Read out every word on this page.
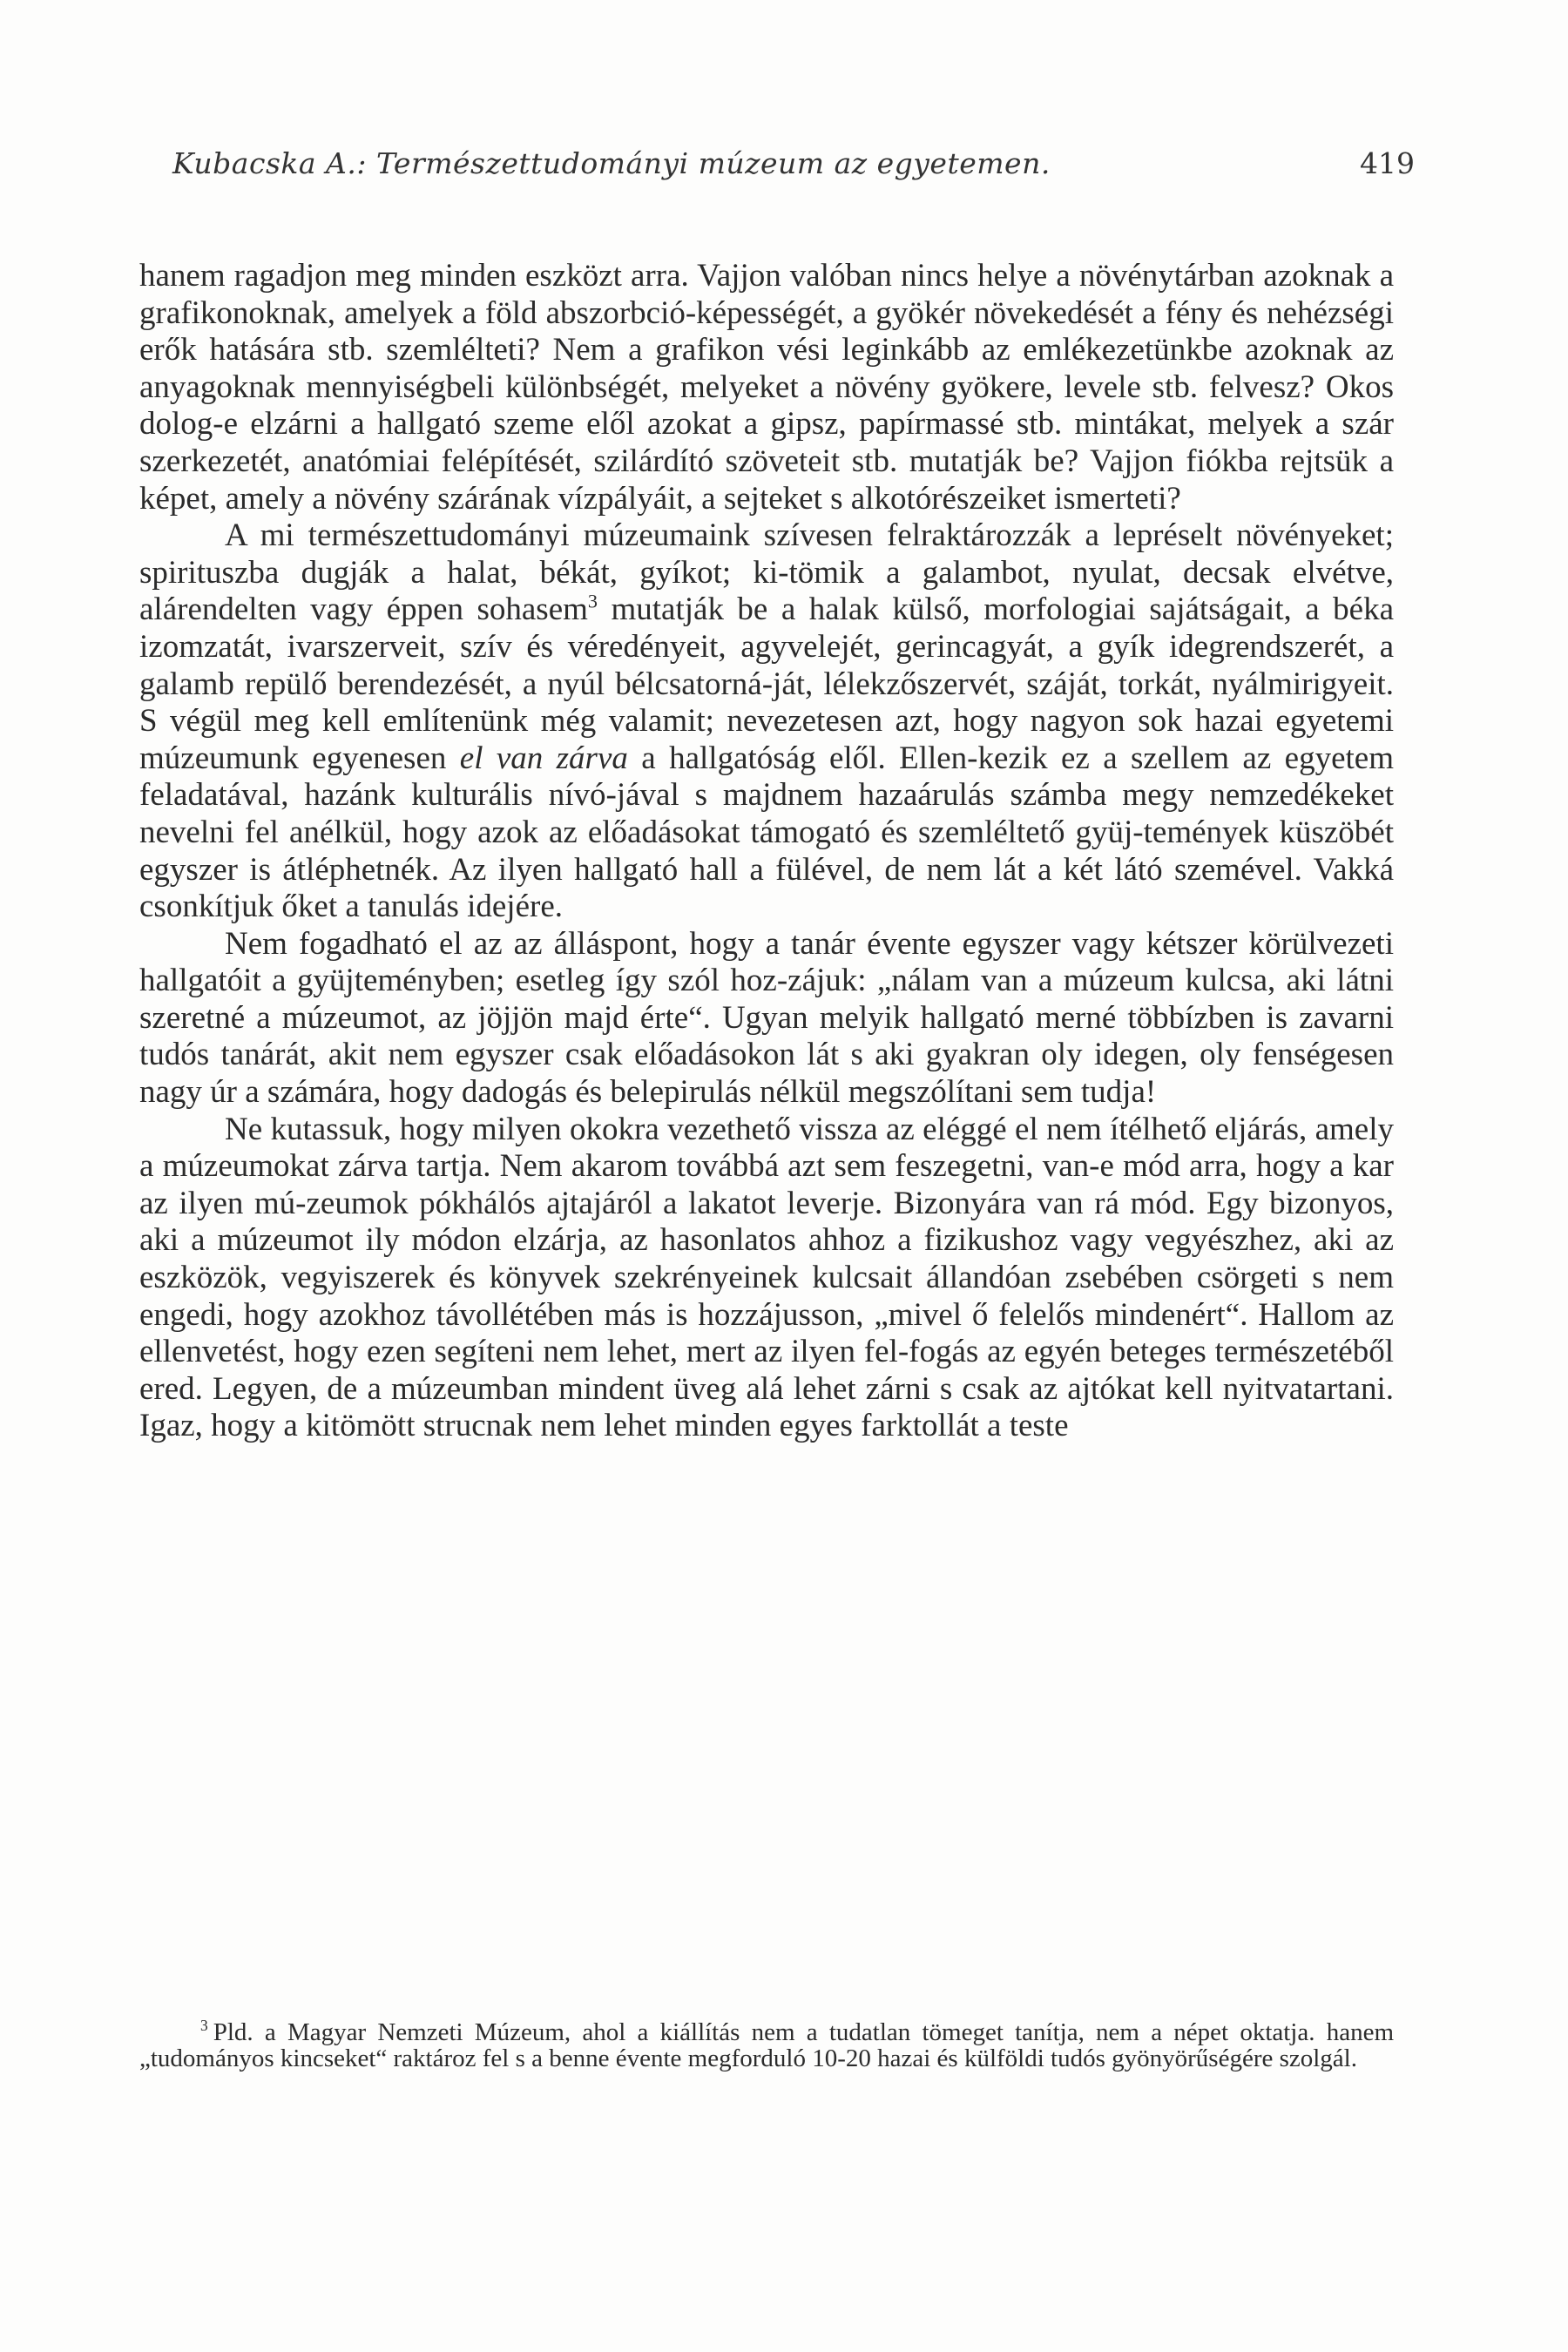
Kubacska A.: Természettudományi múzeum az egyetemen.	419

hanem ragadjon meg minden eszközt arra. Vajjon valóban nincs helye a növénytárban azoknak a grafikonoknak, amelyek a föld abszorbció-képességét, a gyökér növekedését a fény és nehézségi erők hatására stb. szemlélteti? Nem a grafikon vési leginkább az emlékezetünkbe azoknak az anyagoknak mennyiségbeli különbségét, melyeket a növény gyökere, levele stb. felvesz? Okos dolog-e elzárni a hallgató szeme elől azokat a gipsz, papírmassé stb. mintákat, melyek a szár szerkezetét, anatómiai felépítését, szilárdító szöveteit stb. mutatják be? Vajjon fiókba rejtsük a képet, amely a növény szárának vízpályáit, a sejteket s alkotórészeiket ismerteti?

A mi természettudományi múzeumaink szívesen felraktározzák a lepréselt növényeket; spirituszba dugják a halat, békát, gyíkot; ki-tömik a galambot, nyulat, decsak elvétve, alárendelten vagy éppen sohasem$^3$ mutatják be a halak külső, morfologiai sajátságait, a béka izomzatát, ivarszerveit, szív és véredényeit, agyvelejét, gerincagyát, a gyík idegrendszerét, a galamb repülő berendezését, a nyúl bélcsatorná-ját, lélekzőszervét, száját, torkát, nyálmirigyeit. S végül meg kell említenünk még valamit; nevezetesen azt, hogy nagyon sok hazai egyetemi múzeumunk egyenesen el van zárva a hallgatóság elől. Ellen-kezik ez a szellem az egyetem feladatával, hazánk kulturális nívó-jával s majdnem hazaárulás számba megy nemzedékeket nevelni fel anélkül, hogy azok az előadásokat támogató és szemléltető gyüj-temények küszöbét egyszer is átléphetnék. Az ilyen hallgató hall a fülével, de nem lát a két látó szemével. Vakká csonkítjuk őket a tanulás idejére.

Nem fogadható el az az álláspont, hogy a tanár évente egyszer vagy kétszer körülvezeti hallgatóit a gyüjteményben; esetleg így szól hoz-zájuk: „nálam van a múzeum kulcsa, aki látni szeretné a múzeumot, az jöjjön majd érte“. Ugyan melyik hallgató merné többízben is zavarni tudós tanárát, akit nem egyszer csak előadásokon lát s aki gyakran oly idegen, oly fenségesen nagy úr a számára, hogy dadogás és belepirulás nélkül megszólítani sem tudja!

Ne kutassuk, hogy milyen okokra vezethető vissza az eléggé el nem ítélhető eljárás, amely a múzeumokat zárva tartja. Nem akarom továbbá azt sem feszegetni, van-e mód arra, hogy a kar az ilyen mú-zeumok pókhálós ajtajáról a lakatot leverje. Bizonyára van rá mód. Egy bizonyos, aki a múzeumot ily módon elzárja, az hasonlatos ahhoz a fizikushoz vagy vegyészhez, aki az eszközök, vegyiszerek és könyvek szekrényeinek kulcsait állandóan zsebében csörgeti s nem engedi, hogy azokhoz távollétében más is hozzájusson, „mivel ő felelős mindenért“. Hallom az ellenvetést, hogy ezen segíteni nem lehet, mert az ilyen fel-fogás az egyén beteges természetéből ered. Legyen, de a múzeumban mindent üveg alá lehet zárni s csak az ajtókat kell nyitvatartani. Igaz, hogy a kitömött strucnak nem lehet minden egyes farktollát a teste

$^3$ Pld. a Magyar Nemzeti Múzeum, ahol a kiállítás nem a tudatlan tömeget tanítja, nem a népet oktatja. hanem „tudományos kincseket“ raktároz fel s a benne évente megforduló 10-20 hazai és külföldi tudós gyönyörűségére szolgál.
